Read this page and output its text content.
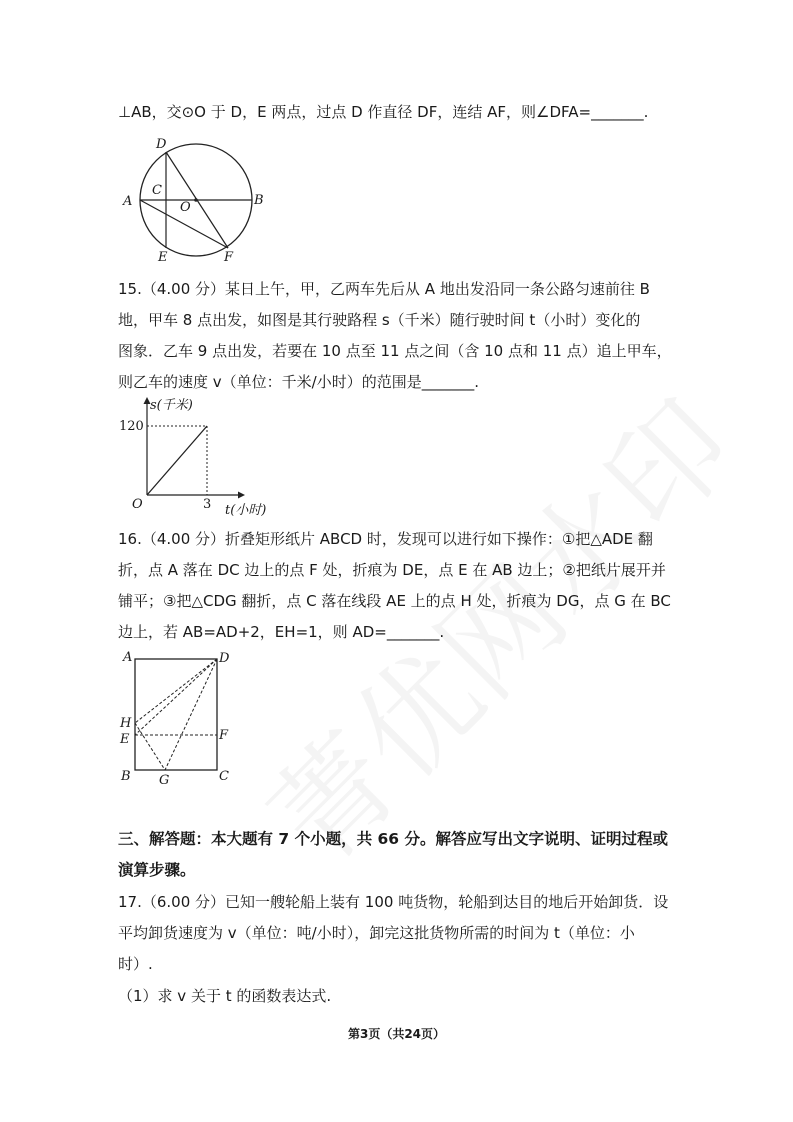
⊥AB，交⊙O 于 D，E 两点，过点 D 作直径 DF，连结 AF，则∠DFA=_______.
D
C
A	O	B
E	F
15.（4.00 分）某日上午，甲，乙两车先后从 A 地出发沿同一条公路匀速前往 B
地，甲车 8 点出发，如图是其行驶路程 s（千米）随行驶时间 t（小时）变化的
图象．乙车 9 点出发，若要在 10 点至 11 点之间（含 10 点和 11 点）追上甲车，
则乙车的速度 v（单位：千米/小时）的范围是_______.
s(千米)
120
O	3 t(小时)
16.（4.00 分）折叠矩形纸片 ABCD 时，发现可以进行如下操作：①把△ADE 翻
折，点 A 落在 DC 边上的点 F 处，折痕为 DE，点 E 在 AB 边上；②把纸片展开并
铺平；③把△CDG 翻折，点 C 落在线段 AE 上的点 H 处，折痕为 DG，点 G 在 BC
边上，若 AB=AD+2，EH=1，则 AD=_______.
A	D
H
E	F
B G	C
三、解答题：本大题有 7 个小题，共 66 分。解答应写出文字说明、证明过程或
演算步骤。
17.（6.00 分）已知一艘轮船上装有 100 吨货物，轮船到达目的地后开始卸货．设
平均卸货速度为 v（单位：吨/小时），卸完这批货物所需的时间为 t（单位：小
时）.
（1）求 v 关于 t 的函数表达式.
第3页（共24页）
